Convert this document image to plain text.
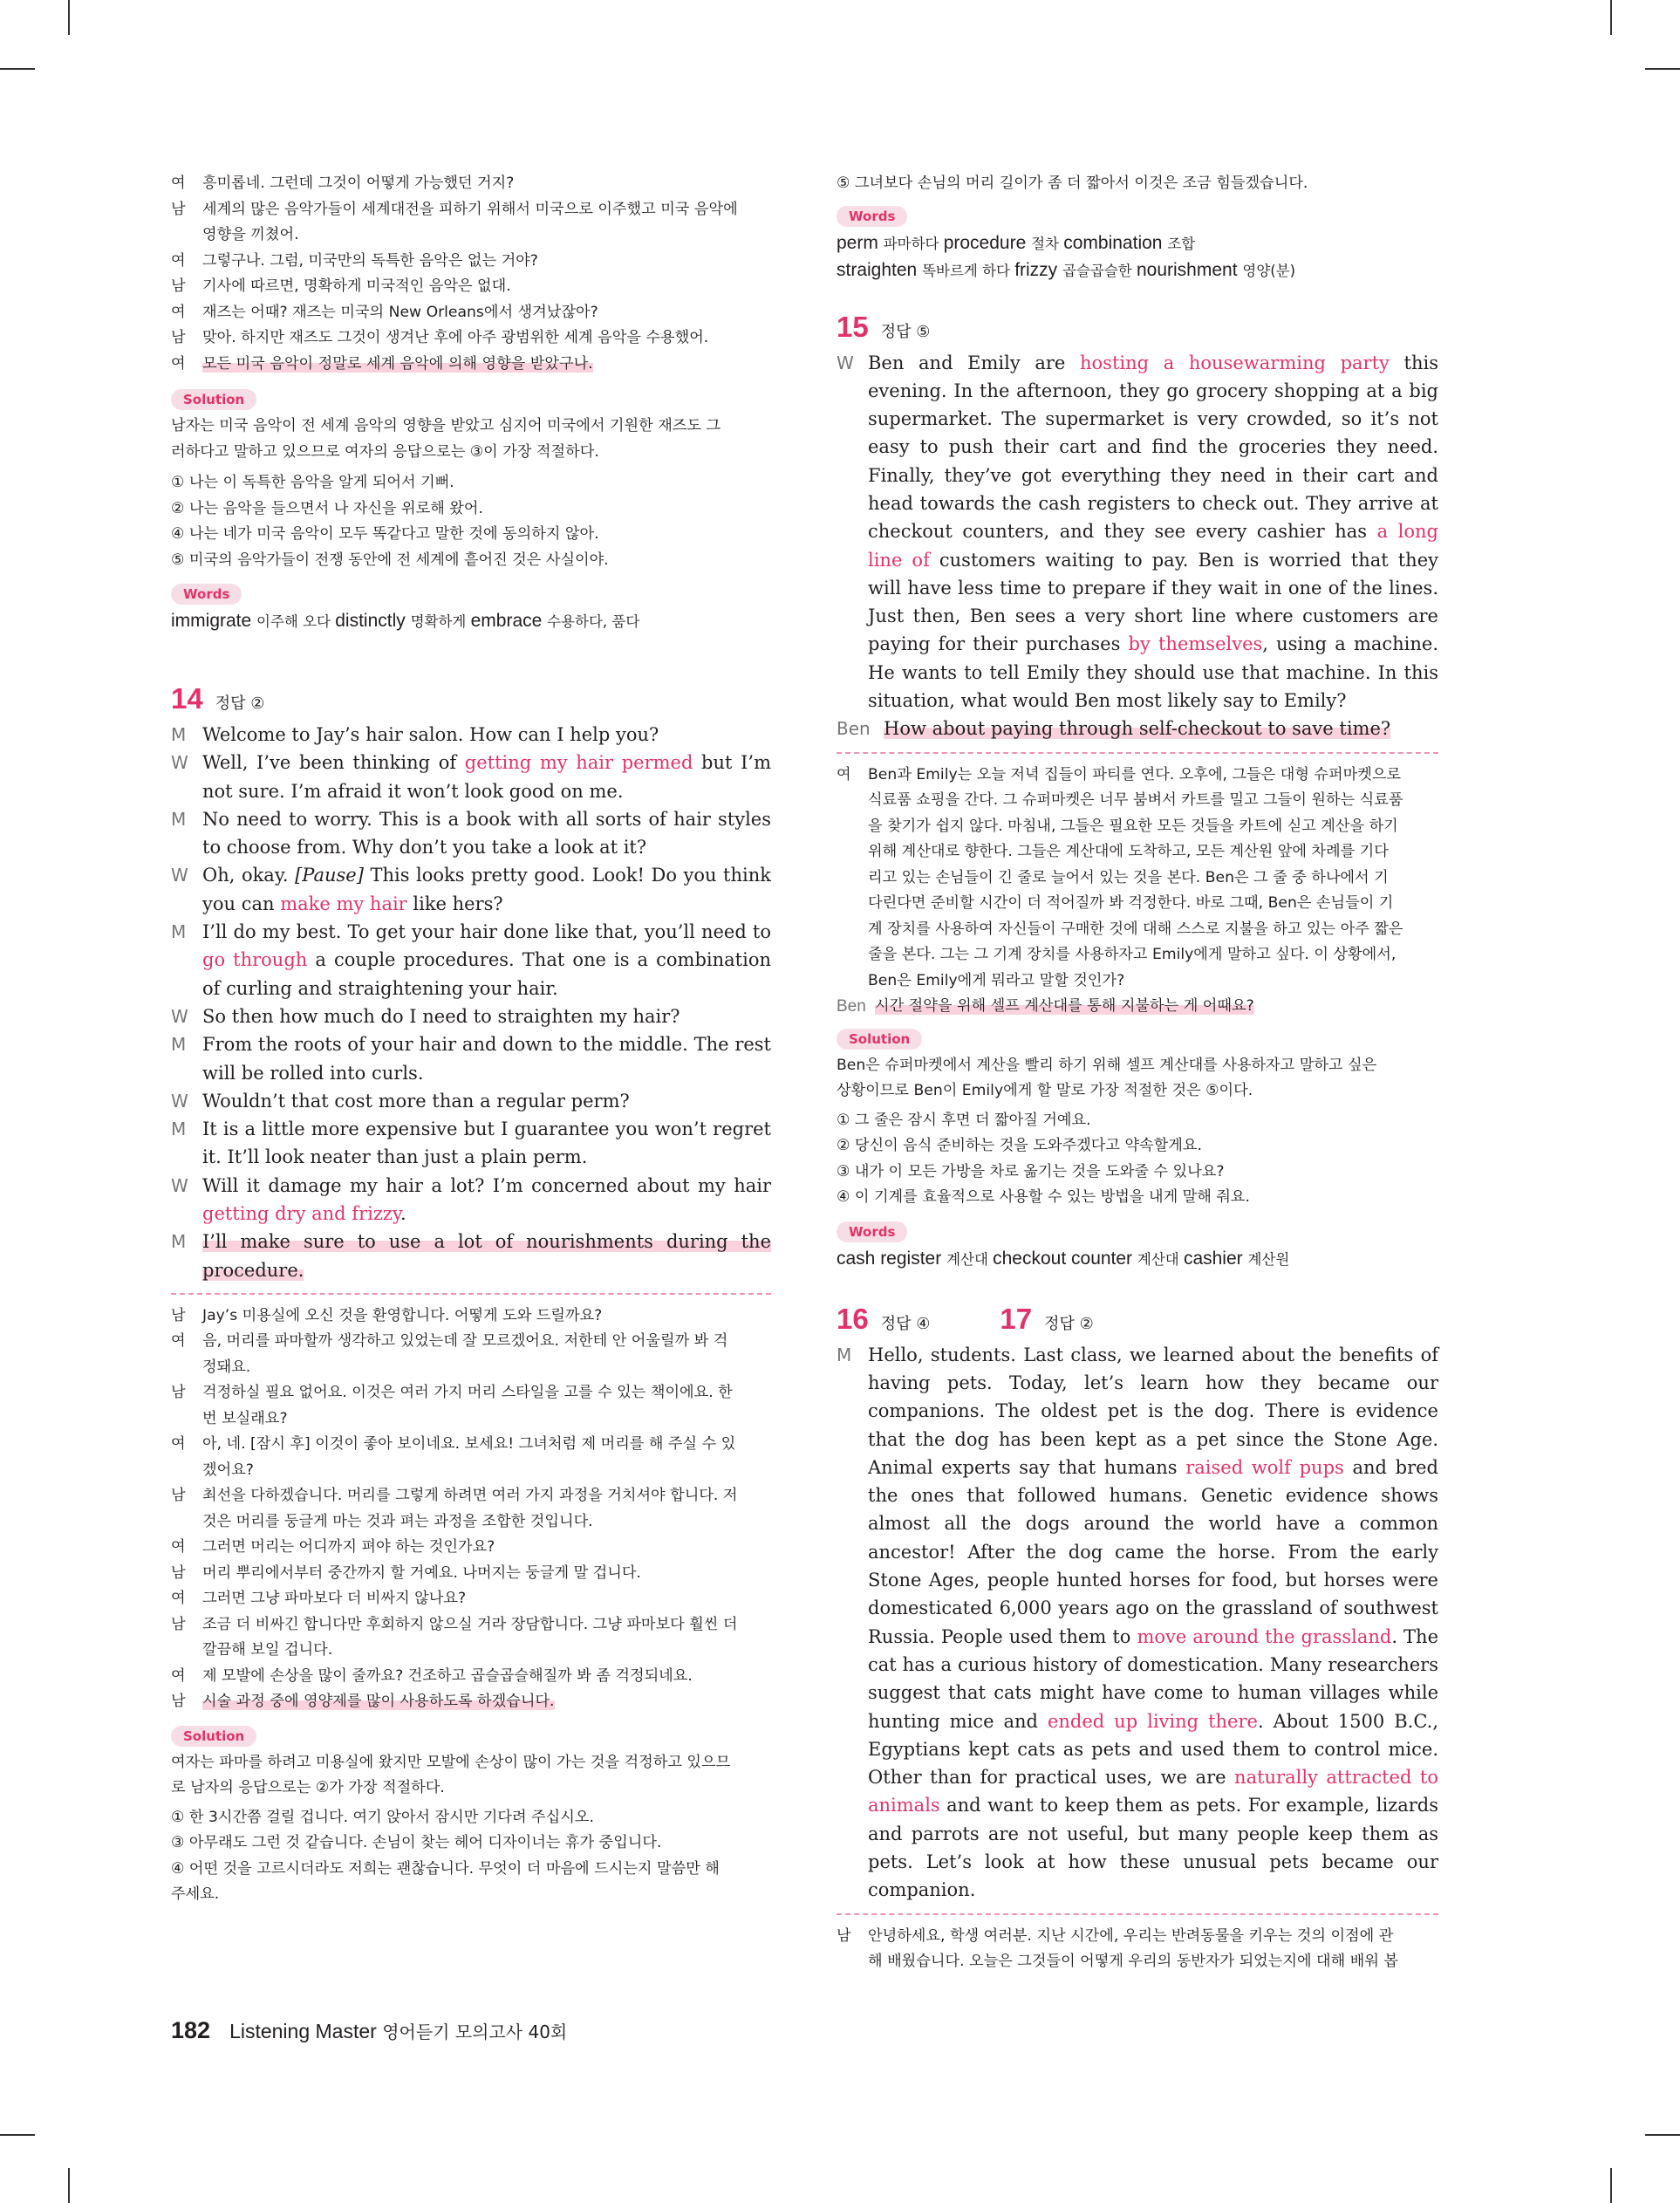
여	흥미롭네. 그런데 그것이 어떻게 가능했던 거지?
남	세계의 많은 음악가들이 세계대전을 피하기 위해서 미국으로 이주했고 미국 음악에
영향을 끼쳤어.
여	그렇구나. 그럼, 미국만의 독특한 음악은 없는 거야?
남	기사에 따르면, 명확하게 미국적인 음악은 없대.
여	재즈는 어때? 재즈는 미국의 New Orleans에서 생겨났잖아?
남	맞아. 하지만 재즈도 그것이 생겨난 후에 아주 광범위한 세계 음악을 수용했어.
여	모든 미국 음악이 정말로 세계 음악에 의해 영향을 받았구나.
Solution
남자는 미국 음악이 전 세계 음악의 영향을 받았고 심지어 미국에서 기원한 재즈도 그
러하다고 말하고 있으므로 여자의 응답으로는 ③이 가장 적절하다.
① 나는 이 독특한 음악을 알게 되어서 기뻐.
② 나는 음악을 들으면서 나 자신을 위로해 왔어.
④ 나는 네가 미국 음악이 모두 똑같다고 말한 것에 동의하지 않아.
⑤ 미국의 음악가들이 전쟁 동안에 전 세계에 흩어진 것은 사실이야.
Words
immigrate 이주해 오다 distinctly 명확하게 embrace 수용하다, 품다
14 정답 ②
M Welcome to Jay’s hair salon. How can I help you?
W Well, I’ve been thinking of getting my hair permed but I’m not sure. I’m afraid it won’t look good on me.
M No need to worry. This is a book with all sorts of hair styles to choose from. Why don’t you take a look at it?
W Oh, okay. [Pause] This looks pretty good. Look! Do you think you can make my hair like hers?
M I’ll do my best. To get your hair done like that, you’ll need to go through a couple procedures. That one is a combination of curling and straightening your hair.
W So then how much do I need to straighten my hair?
M From the roots of your hair and down to the middle. The rest will be rolled into curls.
W Wouldn’t that cost more than a regular perm?
M It is a little more expensive but I guarantee you won’t regret it. It’ll look neater than just a plain perm.
W Will it damage my hair a lot? I’m concerned about my hair getting dry and frizzy.
M I’ll make sure to use a lot of nourishments during the procedure.
남	Jay’s 미용실에 오신 것을 환영합니다. 어떻게 도와 드릴까요?
여	음, 머리를 파마할까 생각하고 있었는데 잘 모르겠어요. 저한테 안 어울릴까 봐 걱
정돼요.
남	걱정하실 필요 없어요. 이것은 여러 가지 머리 스타일을 고를 수 있는 책이에요. 한
번 보실래요?
여	아, 네. [잠시 후] 이것이 좋아 보이네요. 보세요! 그녀처럼 제 머리를 해 주실 수 있
겠어요?
남	최선을 다하겠습니다. 머리를 그렇게 하려면 여러 가지 과정을 거치셔야 합니다. 저
것은 머리를 둥글게 마는 것과 펴는 과정을 조합한 것입니다.
여	그러면 머리는 어디까지 펴야 하는 것인가요?
남	머리 뿌리에서부터 중간까지 할 거예요. 나머지는 둥글게 말 겁니다.
여	그러면 그냥 파마보다 더 비싸지 않나요?
남	조금 더 비싸긴 합니다만 후회하지 않으실 거라 장담합니다. 그냥 파마보다 훨씬 더
깔끔해 보일 겁니다.
여	제 모발에 손상을 많이 줄까요? 건조하고 곱슬곱슬해질까 봐 좀 걱정되네요.
남	시술 과정 중에 영양제를 많이 사용하도록 하겠습니다.
Solution
여자는 파마를 하려고 미용실에 왔지만 모발에 손상이 많이 가는 것을 걱정하고 있으므
로 남자의 응답으로는 ②가 가장 적절하다.
① 한 3시간쯤 걸릴 겁니다. 여기 앉아서 잠시만 기다려 주십시오.
③ 아무래도 그런 것 같습니다. 손님이 찾는 헤어 디자이너는 휴가 중입니다.
④ 어떤 것을 고르시더라도 저희는 괜찮습니다. 무엇이 더 마음에 드시는지 말씀만 해
주세요.
⑤ 그녀보다 손님의 머리 길이가 좀 더 짧아서 이것은 조금 힘들겠습니다.
Words
perm 파마하다 procedure 절차 combination 조합
straighten 똑바르게 하다 frizzy 곱슬곱슬한 nourishment 영양(분)
15 정답 ⑤
W Ben and Emily are hosting a housewarming party this evening. In the afternoon, they go grocery shopping at a big supermarket. The supermarket is very crowded, so it’s not easy to push their cart and find the groceries they need. Finally, they’ve got everything they need in their cart and head towards the cash registers to check out. They arrive at checkout counters, and they see every cashier has a long line of customers waiting to pay. Ben is worried that they will have less time to prepare if they wait in one of the lines. Just then, Ben sees a very short line where customers are paying for their purchases by themselves, using a machine. He wants to tell Emily they should use that machine. In this situation, what would Ben most likely say to Emily?
Ben How about paying through self-checkout to save time?
여	Ben과 Emily는 오늘 저녁 집들이 파티를 연다. 오후에, 그들은 대형 슈퍼마켓으로
식료품 쇼핑을 간다. 그 슈퍼마켓은 너무 붐벼서 카트를 밀고 그들이 원하는 식료품
을 찾기가 쉽지 않다. 마침내, 그들은 필요한 모든 것들을 카트에 싣고 계산을 하기
위해 계산대로 향한다. 그들은 계산대에 도착하고, 모든 계산원 앞에 차례를 기다
리고 있는 손님들이 긴 줄로 늘어서 있는 것을 본다. Ben은 그 줄 중 하나에서 기
다린다면 준비할 시간이 더 적어질까 봐 걱정한다. 바로 그때, Ben은 손님들이 기
계 장치를 사용하여 자신들이 구매한 것에 대해 스스로 지불을 하고 있는 아주 짧은
줄을 본다. 그는 그 기계 장치를 사용하자고 Emily에게 말하고 싶다. 이 상황에서,
Ben은 Emily에게 뭐라고 말할 것인가?
Ben 시간 절약을 위해 셀프 계산대를 통해 지불하는 게 어때요?
Solution
Ben은 슈퍼마켓에서 계산을 빨리 하기 위해 셀프 계산대를 사용하자고 말하고 싶은
상황이므로 Ben이 Emily에게 할 말로 가장 적절한 것은 ⑤이다.
① 그 줄은 잠시 후면 더 짧아질 거예요.
② 당신이 음식 준비하는 것을 도와주겠다고 약속할게요.
③ 내가 이 모든 가방을 차로 옮기는 것을 도와줄 수 있나요?
④ 이 기계를 효율적으로 사용할 수 있는 방법을 내게 말해 줘요.
Words
cash register 계산대 checkout counter 계산대 cashier 계산원
16 정답 ④ 17 정답 ②
M Hello, students. Last class, we learned about the benefits of having pets. Today, let’s learn how they became our companions. The oldest pet is the dog. There is evidence that the dog has been kept as a pet since the Stone Age. Animal experts say that humans raised wolf pups and bred the ones that followed humans. Genetic evidence shows almost all the dogs around the world have a common ancestor! After the dog came the horse. From the early Stone Ages, people hunted horses for food, but horses were domesticated 6,000 years ago on the grassland of southwest Russia. People used them to move around the grassland. The cat has a curious history of domestication. Many researchers suggest that cats might have come to human villages while hunting mice and ended up living there. About 1500 B.C., Egyptians kept cats as pets and used them to control mice. Other than for practical uses, we are naturally attracted to animals and want to keep them as pets. For example, lizards and parrots are not useful, but many people keep them as pets. Let’s look at how these unusual pets became our companion.
남	안녕하세요, 학생 여러분. 지난 시간에, 우리는 반려동물을 키우는 것의 이점에 관
해 배웠습니다. 오늘은 그것들이 어떻게 우리의 동반자가 되었는지에 대해 배워 봅
182 Listening Master 영어듣기 모의고사 40회
